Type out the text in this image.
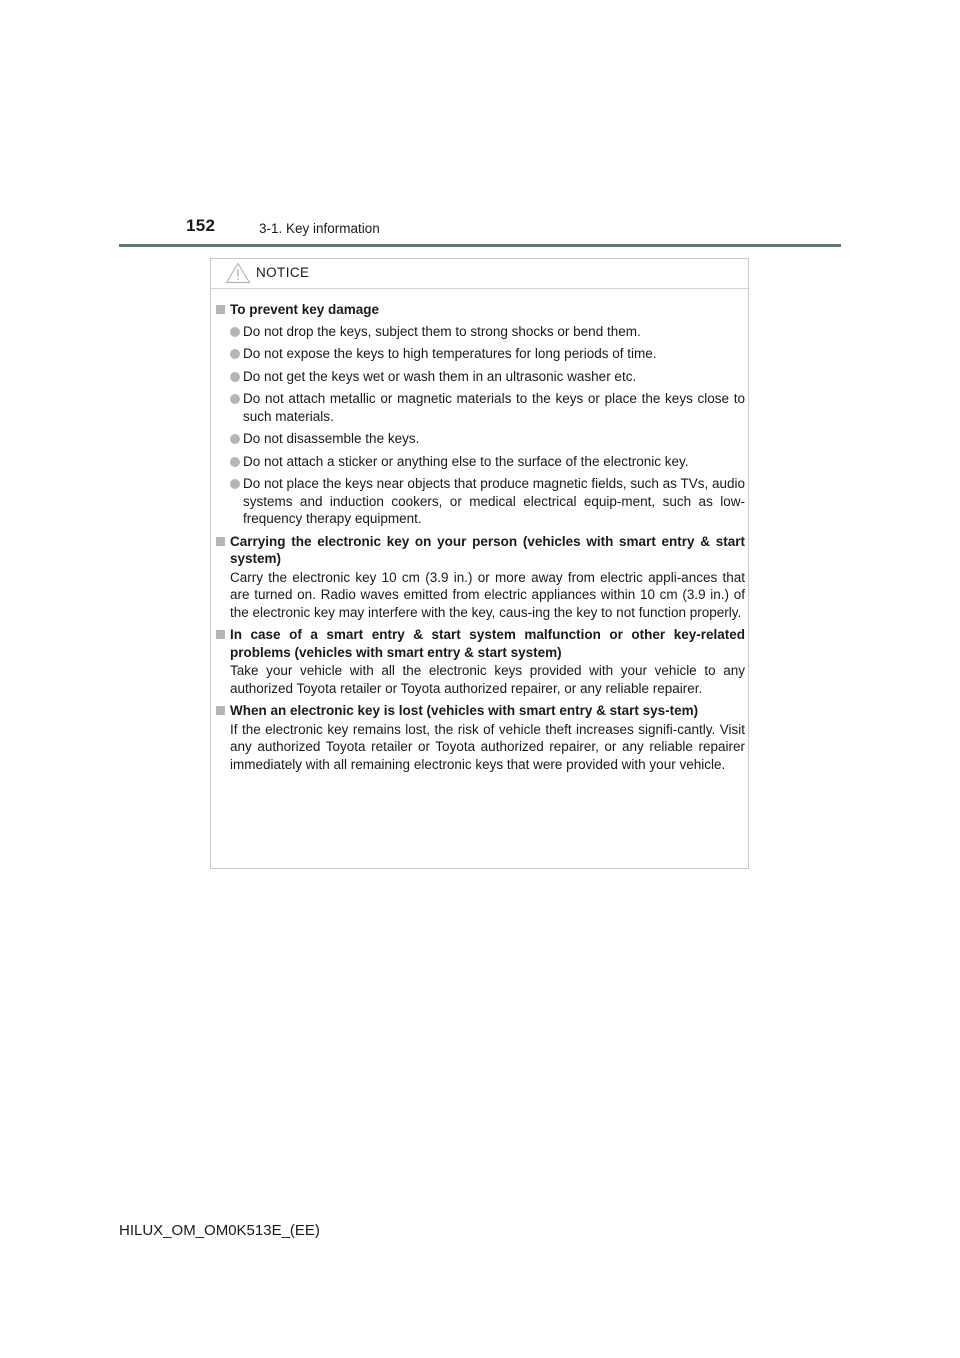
152	3-1. Key information
NOTICE
To prevent key damage
Do not drop the keys, subject them to strong shocks or bend them.
Do not expose the keys to high temperatures for long periods of time.
Do not get the keys wet or wash them in an ultrasonic washer etc.
Do not attach metallic or magnetic materials to the keys or place the keys close to such materials.
Do not disassemble the keys.
Do not attach a sticker or anything else to the surface of the electronic key.
Do not place the keys near objects that produce magnetic fields, such as TVs, audio systems and induction cookers, or medical electrical equip-ment, such as low-frequency therapy equipment.
Carrying the electronic key on your person (vehicles with smart entry & start system)
Carry the electronic key 10 cm (3.9 in.) or more away from electric appli-ances that are turned on. Radio waves emitted from electric appliances within 10 cm (3.9 in.) of the electronic key may interfere with the key, caus-ing the key to not function properly.
In case of a smart entry & start system malfunction or other key-related problems (vehicles with smart entry & start system)
Take your vehicle with all the electronic keys provided with your vehicle to any authorized Toyota retailer or Toyota authorized repairer, or any reliable repairer.
When an electronic key is lost (vehicles with smart entry & start sys-tem)
If the electronic key remains lost, the risk of vehicle theft increases signifi-cantly. Visit any authorized Toyota retailer or Toyota authorized repairer, or any reliable repairer immediately with all remaining electronic keys that were provided with your vehicle.
HILUX_OM_OM0K513E_(EE)
